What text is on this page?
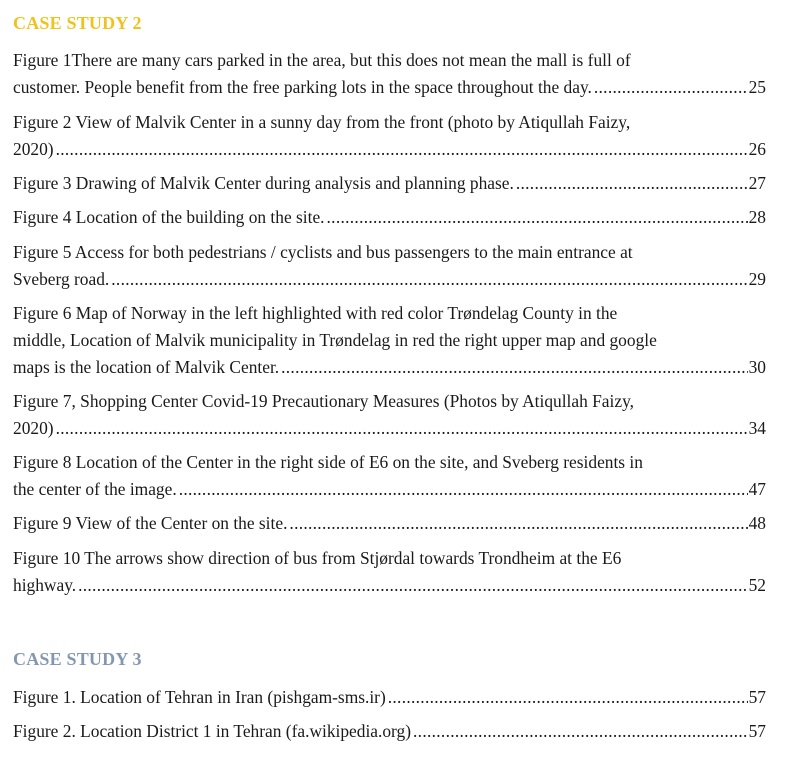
CASE STUDY 2
Figure 1There are many cars parked in the area, but this does not mean the mall is full of
customer. People benefit from the free parking lots in the space throughout the day. .....	25
Figure 2 View of Malvik Center in a sunny day from the front (photo by Atiqullah Faizy,
2020) .....	26
Figure 3 Drawing of Malvik Center during analysis and planning phase. .....	27
Figure 4 Location of the building on the site. .....	28
Figure 5 Access for both pedestrians / cyclists and bus passengers to the main entrance at
Sveberg road. .....	29
Figure 6 Map of Norway in the left highlighted with red color Trøndelag County in the
middle, Location of Malvik municipality in Trøndelag in red the right upper map and google
maps is the location of Malvik Center. .....	30
Figure 7, Shopping Center Covid-19 Precautionary Measures (Photos by Atiqullah Faizy,
2020) .....	34
Figure 8 Location of the Center in the right side of E6 on the site, and Sveberg residents in
the center of the image. .....	47
Figure 9 View of the Center on the site. .....	48
Figure 10 The arrows show direction of bus from Stjørdal towards Trondheim at the E6
highway. .....	52
CASE STUDY 3
Figure 1. Location of Tehran in Iran (pishgam-sms.ir) .....	57
Figure 2. Location District 1 in Tehran (fa.wikipedia.org) .....	57
